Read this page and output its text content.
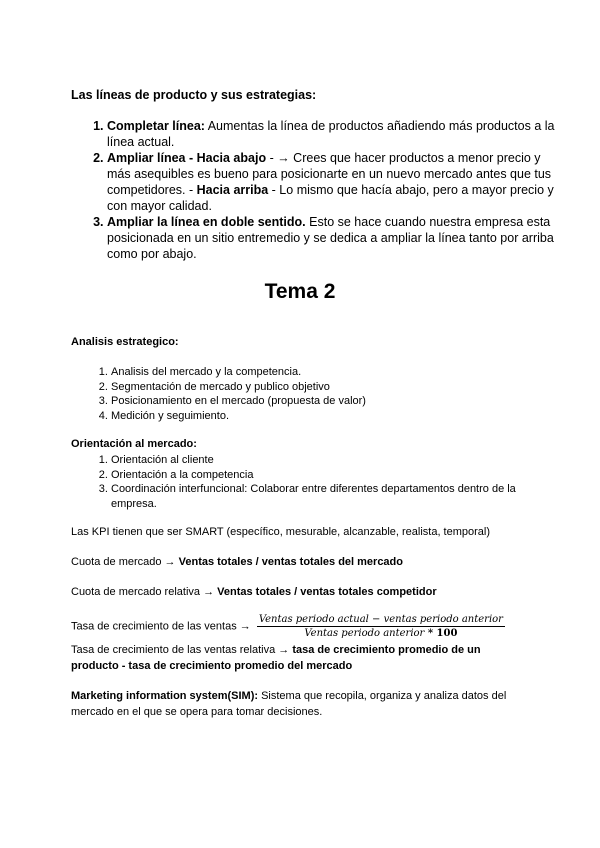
Las líneas de producto y sus estrategias:

1. Completar línea: Aumentas la línea de productos añadiendo más productos a la línea actual.
2. Ampliar línea - Hacia abajo - → Crees que hacer productos a menor precio y más asequibles es bueno para posicionarte en un nuevo mercado antes que tus competidores. - Hacia arriba - Lo mismo que hacía abajo, pero a mayor precio y con mayor calidad.
3. Ampliar la línea en doble sentido. Esto se hace cuando nuestra empresa esta posicionada en un sitio entremedio y se dedica a ampliar la línea tanto por arriba como por abajo.
Tema 2

Analisis estrategico:

1. Analisis del mercado y la competencia.
2. Segmentación de mercado y publico objetivo
3. Posicionamiento en el mercado (propuesta de valor)
4. Medición y seguimiento.

Orientación al mercado:

1. Orientación al cliente
2. Orientación a la competencia
3. Coordinación interfuncional: Colaborar entre diferentes departamentos dentro de la empresa.

Las KPI tienen que ser SMART (específico, mesurable, alcanzable, realista, temporal)

Cuota de mercado → Ventas totales / ventas totales del mercado

Cuota de mercado relativa → Ventas totales / ventas totales competidor

Tasa de crecimiento de las ventas → $\frac{\text{Ventas periodo actual − ventas periodo anterior}}{\text{Ventas periodo anterior * 100}}$

Tasa de crecimiento de las ventas relativa → tasa de crecimiento promedio de un producto - tasa de crecimiento promedio del mercado

Marketing information system(SIM): Sistema que recopila, organiza y analiza datos del mercado en el que se opera para tomar decisiones.
